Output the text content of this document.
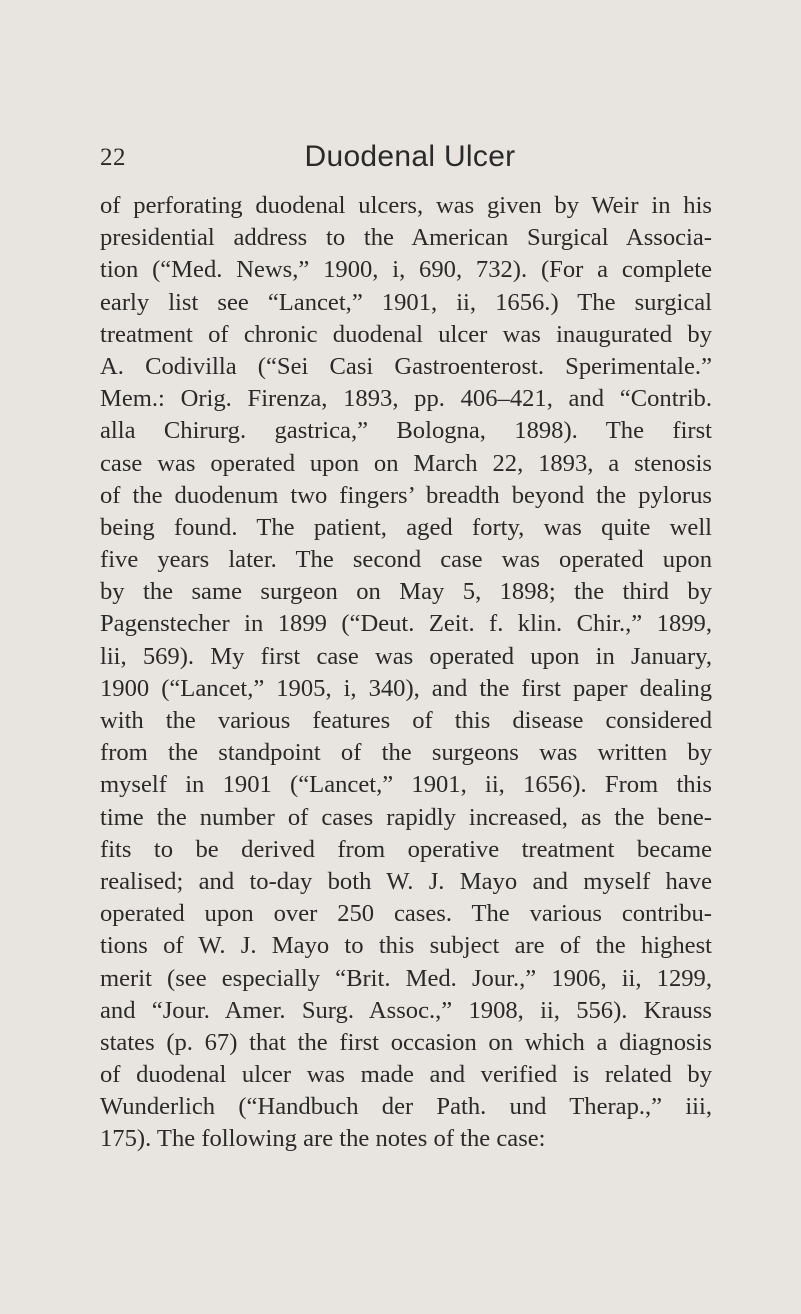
22	Duodenal Ulcer
of perforating duodenal ulcers, was given by Weir in his
presidential address to the American Surgical Associa-
tion (“Med. News,” 1900, i, 690, 732). (For a complete
early list see “Lancet,” 1901, ii, 1656.) The surgical
treatment of chronic duodenal ulcer was inaugurated by
A. Codivilla (“Sei Casi Gastroenterost. Sperimentale.”
Mem.: Orig. Firenza, 1893, pp. 406–421, and “Contrib.
alla Chirurg. gastrica,” Bologna, 1898). The first
case was operated upon on March 22, 1893, a stenosis
of the duodenum two fingers’ breadth beyond the pylorus
being found. The patient, aged forty, was quite well
five years later. The second case was operated upon
by the same surgeon on May 5, 1898; the third by
Pagenstecher in 1899 (“Deut. Zeit. f. klin. Chir.,” 1899,
lii, 569). My first case was operated upon in January,
1900 (“Lancet,” 1905, i, 340), and the first paper dealing
with the various features of this disease considered
from the standpoint of the surgeons was written by
myself in 1901 (“Lancet,” 1901, ii, 1656). From this
time the number of cases rapidly increased, as the bene-
fits to be derived from operative treatment became
realised; and to-day both W. J. Mayo and myself have
operated upon over 250 cases. The various contribu-
tions of W. J. Mayo to this subject are of the highest
merit (see especially “Brit. Med. Jour.,” 1906, ii, 1299,
and “Jour. Amer. Surg. Assoc.,” 1908, ii, 556). Krauss
states (p. 67) that the first occasion on which a diagnosis
of duodenal ulcer was made and verified is related by
Wunderlich (“Handbuch der Path. und Therap.,” iii,
175). The following are the notes of the case:
